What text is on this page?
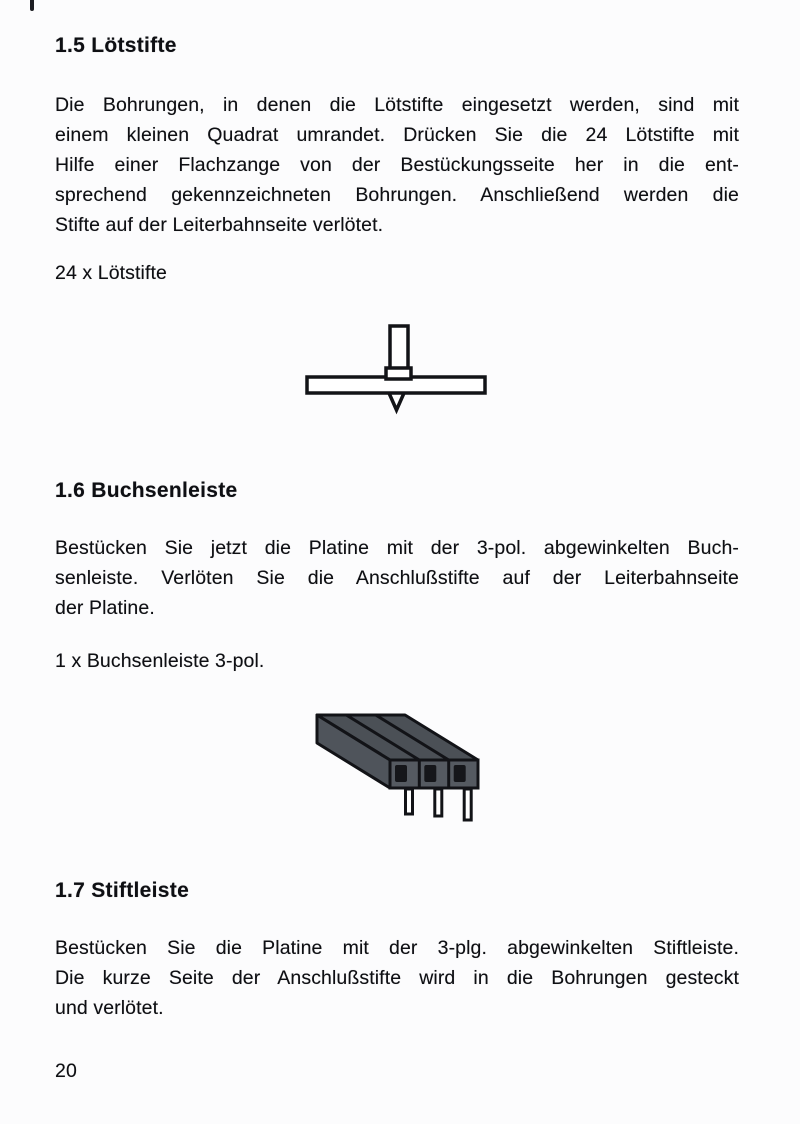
1.5 Lötstifte
Die Bohrungen, in denen die Lötstifte eingesetzt werden, sind mit
einem kleinen Quadrat umrandet. Drücken Sie die 24 Lötstifte mit
Hilfe einer Flachzange von der Bestückungsseite her in die ent-
sprechend gekennzeichneten Bohrungen. Anschließend werden die
Stifte auf der Leiterbahnseite verlötet.
24 x Lötstifte
1.6 Buchsenleiste
Bestücken Sie jetzt die Platine mit der 3-pol. abgewinkelten Buch-
senleiste. Verlöten Sie die Anschlußstifte auf der Leiterbahnseite
der Platine.
1 x Buchsenleiste 3-pol.
1.7 Stiftleiste
Bestücken Sie die Platine mit der 3-plg. abgewinkelten Stiftleiste.
Die kurze Seite der Anschlußstifte wird in die Bohrungen gesteckt
und verlötet.
20
